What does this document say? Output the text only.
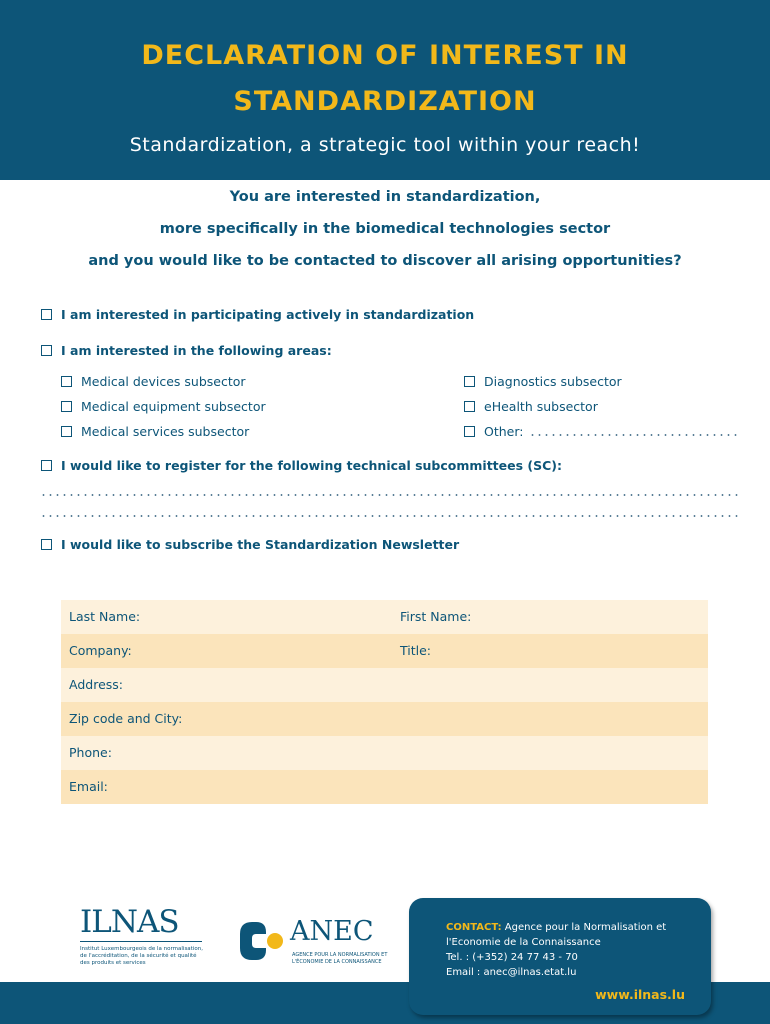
DECLARATION OF INTEREST IN
STANDARDIZATION
Standardization, a strategic tool within your reach!
You are interested in standardization,
more specifically in the biomedical technologies sector
and you would like to be contacted to discover all arising opportunities?
I am interested in participating actively in standardization
I am interested in the following areas:
Medical devices subsector
Medical equipment subsector
Medical services subsector
Diagnostics subsector
eHealth subsector
Other:
I would like to register for the following technical subcommittees (SC):
I would like to subscribe the Standardization Newsletter
Last Name:	First Name:
Company:	Title:
Address:
Zip code and City:
Phone:
Email:
ILNAS
Institut Luxembourgeois de la normalisation, de l'accréditation, de la sécurité et qualité des produits et services
ANEC
AGENCE POUR LA NORMALISATION ET L'ÉCONOMIE DE LA CONNAISSANCE
CONTACT: Agence pour la Normalisation et
l'Economie de la Connaissance
Tel. : (+352) 24 77 43 - 70
Email : anec@ilnas.etat.lu
www.ilnas.lu
